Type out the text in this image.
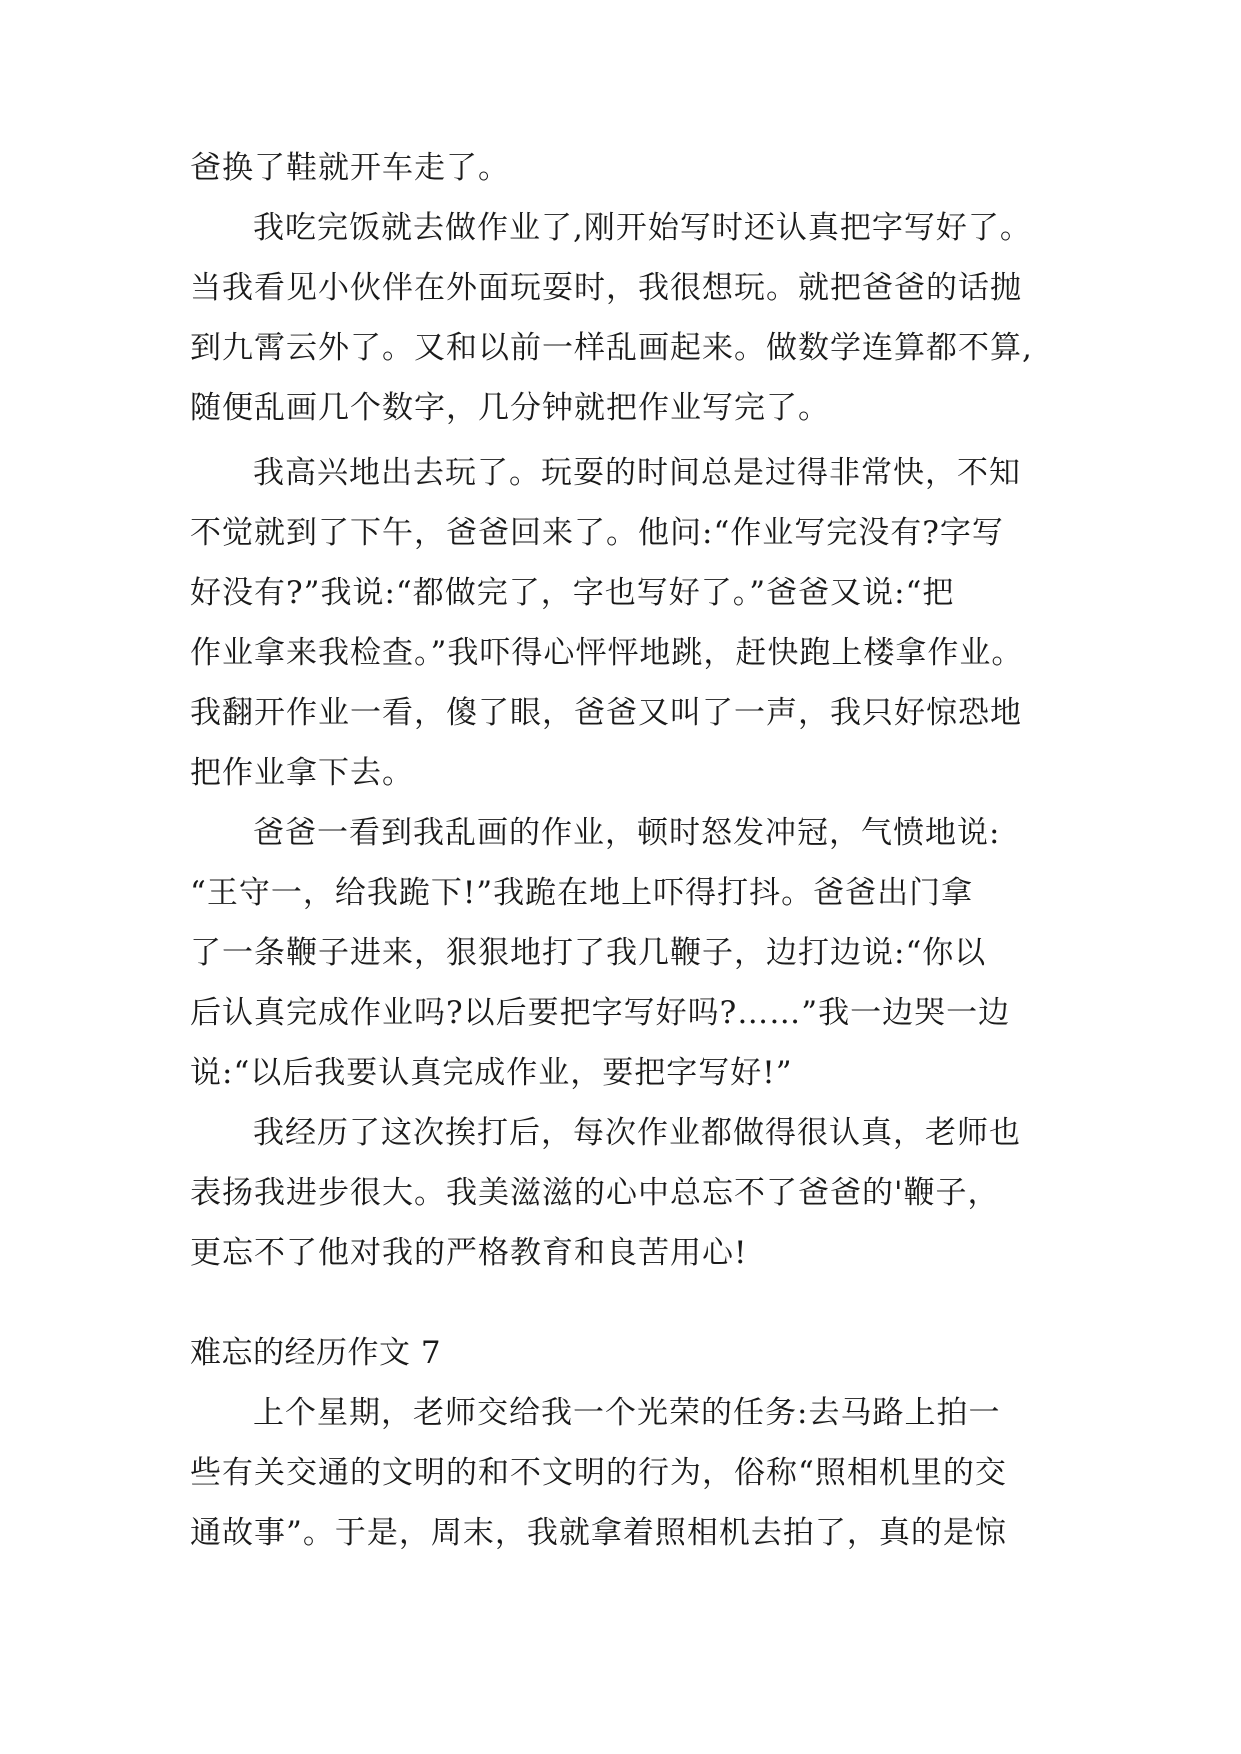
爸换了鞋就开车走了。
我吃完饭就去做作业了,刚开始写时还认真把字写好了。
当我看见小伙伴在外面玩耍时，我很想玩。就把爸爸的话抛
到九霄云外了。又和以前一样乱画起来。做数学连算都不算,
随便乱画几个数字，几分钟就把作业写完了。
我高兴地出去玩了。玩耍的时间总是过得非常快，不知
不觉就到了下午，爸爸回来了。他问:“作业写完没有?字写
好没有?”我说:“都做完了，字也写好了。”爸爸又说:“把
作业拿来我检查。”我吓得心怦怦地跳，赶快跑上楼拿作业。
我翻开作业一看，傻了眼，爸爸又叫了一声，我只好惊恐地
把作业拿下去。
爸爸一看到我乱画的作业，顿时怒发冲冠，气愤地说:
“王守一，给我跪下!”我跪在地上吓得打抖。爸爸出门拿
了一条鞭子进来，狠狠地打了我几鞭子，边打边说:“你以
后认真完成作业吗?以后要把字写好吗?……”我一边哭一边
说:“以后我要认真完成作业，要把字写好!”
我经历了这次挨打后，每次作业都做得很认真，老师也
表扬我进步很大。我美滋滋的心中总忘不了爸爸的'鞭子，
更忘不了他对我的严格教育和良苦用心!
难忘的经历作文 7
上个星期，老师交给我一个光荣的任务:去马路上拍一
些有关交通的文明的和不文明的行为，俗称“照相机里的交
通故事”。于是，周末，我就拿着照相机去拍了，真的是惊
